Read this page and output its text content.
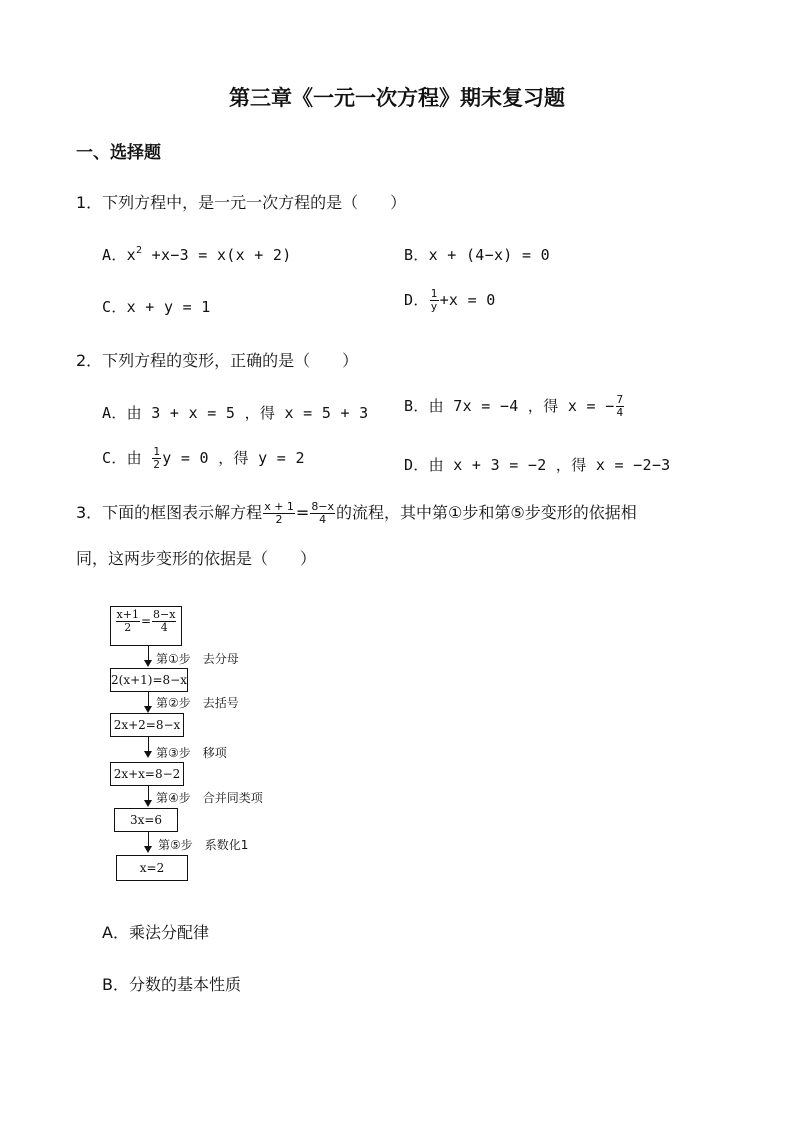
第三章《一元一次方程》期末复习题
一、选择题
1．下列方程中，是一元一次方程的是（　　）
A．$x^2 +x-3 = x(x + 2)$	B．x + (4−x) = 0
C．x + y = 1	D． $\frac{1}{y} +x = 0$
2．下列方程的变形，正确的是（　　）
A．由 3 + x = 5 ，得 x = 5 + 3 B．由 7x = −4 ，得 x = − $\frac{7}{4}$
C．由 $\frac{1}{2}$ y = 0 ，得 y = 2	D．由 x + 3 = −2 ，得 x = −2−3
3．下面的框图表示解方程 $\frac{x + 1}{2} = \frac{8-x}{4}$ 的流程，其中第①步和第⑤步变形的依据相
同，这两步变形的依据是（　　）
$\frac{x+1}{2} = \frac{8-x}{4}$
第①步　去分母
2(x+1)=8−x
第②步　去括号
2x+2=8−x
第③步　移项
2x+x=8−2
第④步　合并同类项
3x=6
第⑤步　系数化1
x=2
A．乘法分配律
B．分数的基本性质
